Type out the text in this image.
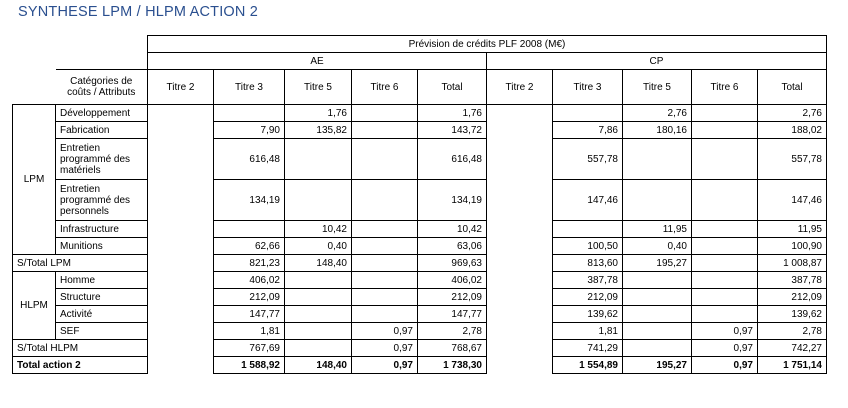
SYNTHESE LPM / HLPM ACTION 2
		Prévision de crédits PLF 2008 (M€)									
		AE					CP				
	Catégories de coûts / Attributs	Titre 2	Titre 3	Titre 5	Titre 6	Total	Titre 2	Titre 3	Titre 5	Titre 6	Total
LPM	Développement			1,76		1,76			2,76		2,76
	Fabrication		7,90	135,82		143,72		7,86	180,16		188,02
	Entretien programmé des matériels		616,48			616,48		557,78			557,78
	Entretien programmé des personnels		134,19			134,19		147,46			147,46
	Infrastructure			10,42		10,42			11,95		11,95
	Munitions		62,66	0,40		63,06		100,50	0,40		100,90
S/Total LPM			821,23	148,40		969,63		813,60	195,27		1 008,87
HLPM	Homme		406,02			406,02		387,78			387,78
	Structure		212,09			212,09		212,09			212,09
	Activité		147,77			147,77		139,62			139,62
	SEF		1,81		0,97	2,78		1,81		0,97	2,78
S/Total HLPM			767,69		0,97	768,67		741,29		0,97	742,27
Total action 2			1 588,92	148,40	0,97	1 738,30		1 554,89	195,27	0,97	1 751,14
